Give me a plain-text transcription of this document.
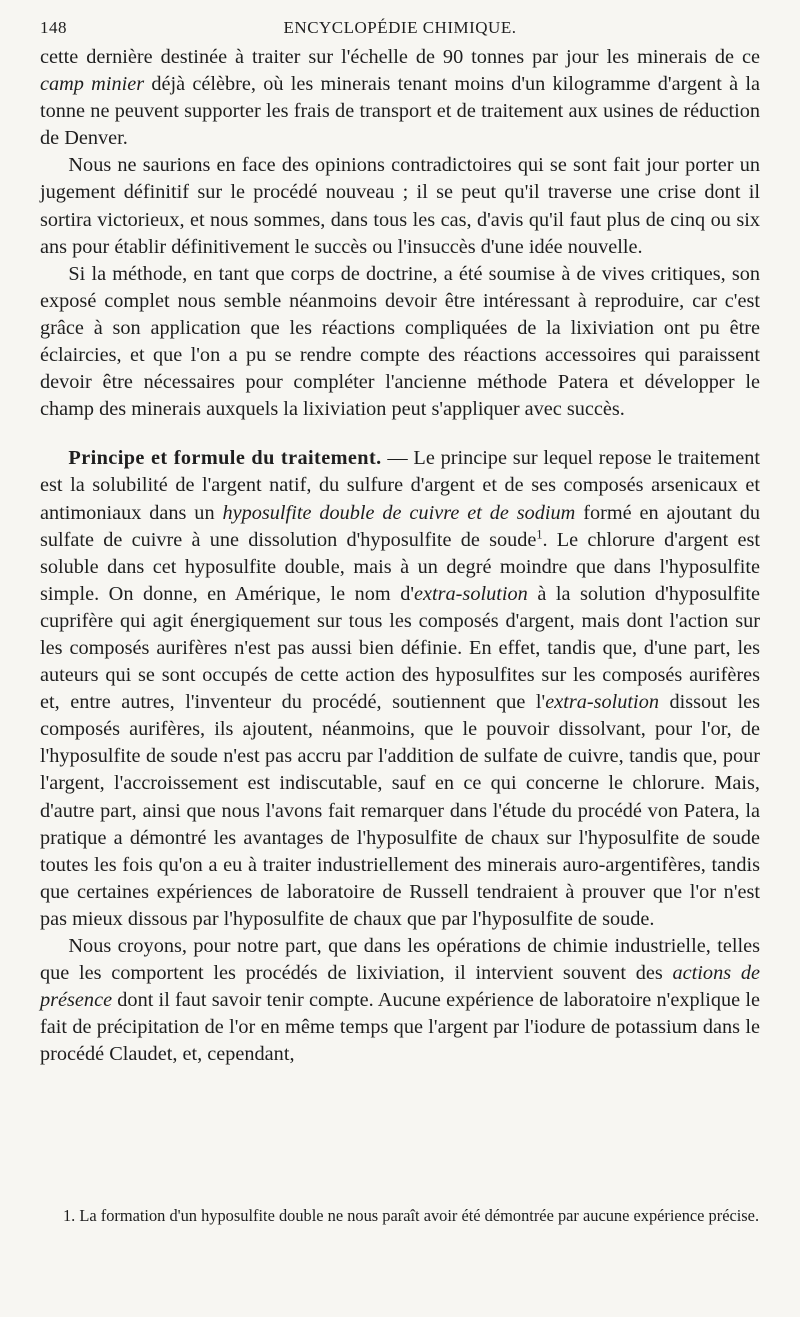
148	ENCYCLOPÉDIE CHIMIQUE.

cette dernière destinée à traiter sur l'échelle de 90 tonnes par jour les minerais de ce camp minier déjà célèbre, où les minerais tenant moins d'un kilogramme d'argent à la tonne ne peuvent supporter les frais de transport et de traitement aux usines de réduction de Denver.

Nous ne saurions en face des opinions contradictoires qui se sont fait jour porter un jugement définitif sur le procédé nouveau ; il se peut qu'il traverse une crise dont il sortira victorieux, et nous sommes, dans tous les cas, d'avis qu'il faut plus de cinq ou six ans pour établir définitivement le succès ou l'insuccès d'une idée nouvelle.

Si la méthode, en tant que corps de doctrine, a été soumise à de vives critiques, son exposé complet nous semble néanmoins devoir être intéressant à reproduire, car c'est grâce à son application que les réactions compliquées de la lixiviation ont pu être éclaircies, et que l'on a pu se rendre compte des réactions accessoires qui paraissent devoir être nécessaires pour compléter l'ancienne méthode Patera et développer le champ des minerais auxquels la lixiviation peut s'appliquer avec succès.

Principe et formule du traitement. — Le principe sur lequel repose le traitement est la solubilité de l'argent natif, du sulfure d'argent et de ses composés arsenicaux et antimoniaux dans un hyposulfite double de cuivre et de sodium formé en ajoutant du sulfate de cuivre à une dissolution d'hyposulfite de soude$^1$. Le chlorure d'argent est soluble dans cet hyposulfite double, mais à un degré moindre que dans l'hyposulfite simple. On donne, en Amérique, le nom d'extra-solution à la solution d'hyposulfite cuprifère qui agit énergiquement sur tous les composés d'argent, mais dont l'action sur les composés aurifères n'est pas aussi bien définie. En effet, tandis que, d'une part, les auteurs qui se sont occupés de cette action des hyposulfites sur les composés aurifères et, entre autres, l'inventeur du procédé, soutiennent que l'extra-solution dissout les composés aurifères, ils ajoutent, néanmoins, que le pouvoir dissolvant, pour l'or, de l'hyposulfite de soude n'est pas accru par l'addition de sulfate de cuivre, tandis que, pour l'argent, l'accroissement est indiscutable, sauf en ce qui concerne le chlorure. Mais, d'autre part, ainsi que nous l'avons fait remarquer dans l'étude du procédé von Patera, la pratique a démontré les avantages de l'hyposulfite de chaux sur l'hyposulfite de soude toutes les fois qu'on a eu à traiter industriellement des minerais auro-argentifères, tandis que certaines expériences de laboratoire de Russell tendraient à prouver que l'or n'est pas mieux dissous par l'hyposulfite de chaux que par l'hyposulfite de soude.

Nous croyons, pour notre part, que dans les opérations de chimie industrielle, telles que les comportent les procédés de lixiviation, il intervient souvent des actions de présence dont il faut savoir tenir compte. Aucune expérience de laboratoire n'explique le fait de précipitation de l'or en même temps que l'argent par l'iodure de potassium dans le procédé Claudet, et, cependant,

1. La formation d'un hyposulfite double ne nous paraît avoir été démontrée par aucune expérience précise.
